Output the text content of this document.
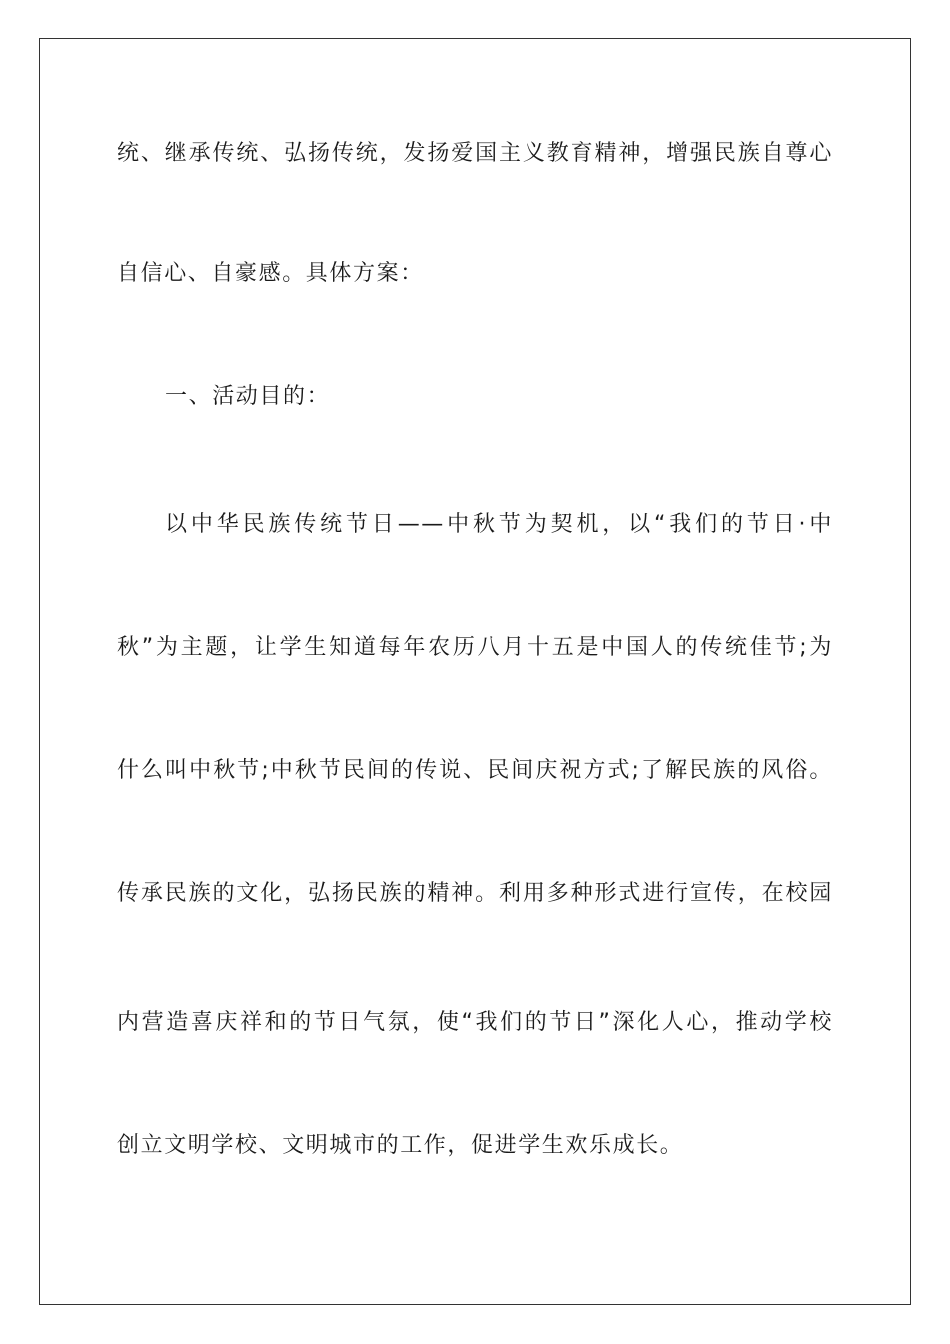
统、继承传统、弘扬传统，发扬爱国主义教育精神，增强民族自尊心
自信心、自豪感。具体方案：
一、活动目的：
以中华民族传统节日——中秋节为契机，以“我们的节日·中
秋”为主题，让学生知道每年农历八月十五是中国人的传统佳节;为
什么叫中秋节;中秋节民间的传说、民间庆祝方式;了解民族的风俗。
传承民族的文化，弘扬民族的精神。利用多种形式进行宣传，在校园
内营造喜庆祥和的节日气氛，使“我们的节日”深化人心，推动学校
创立文明学校、文明城市的工作，促进学生欢乐成长。
